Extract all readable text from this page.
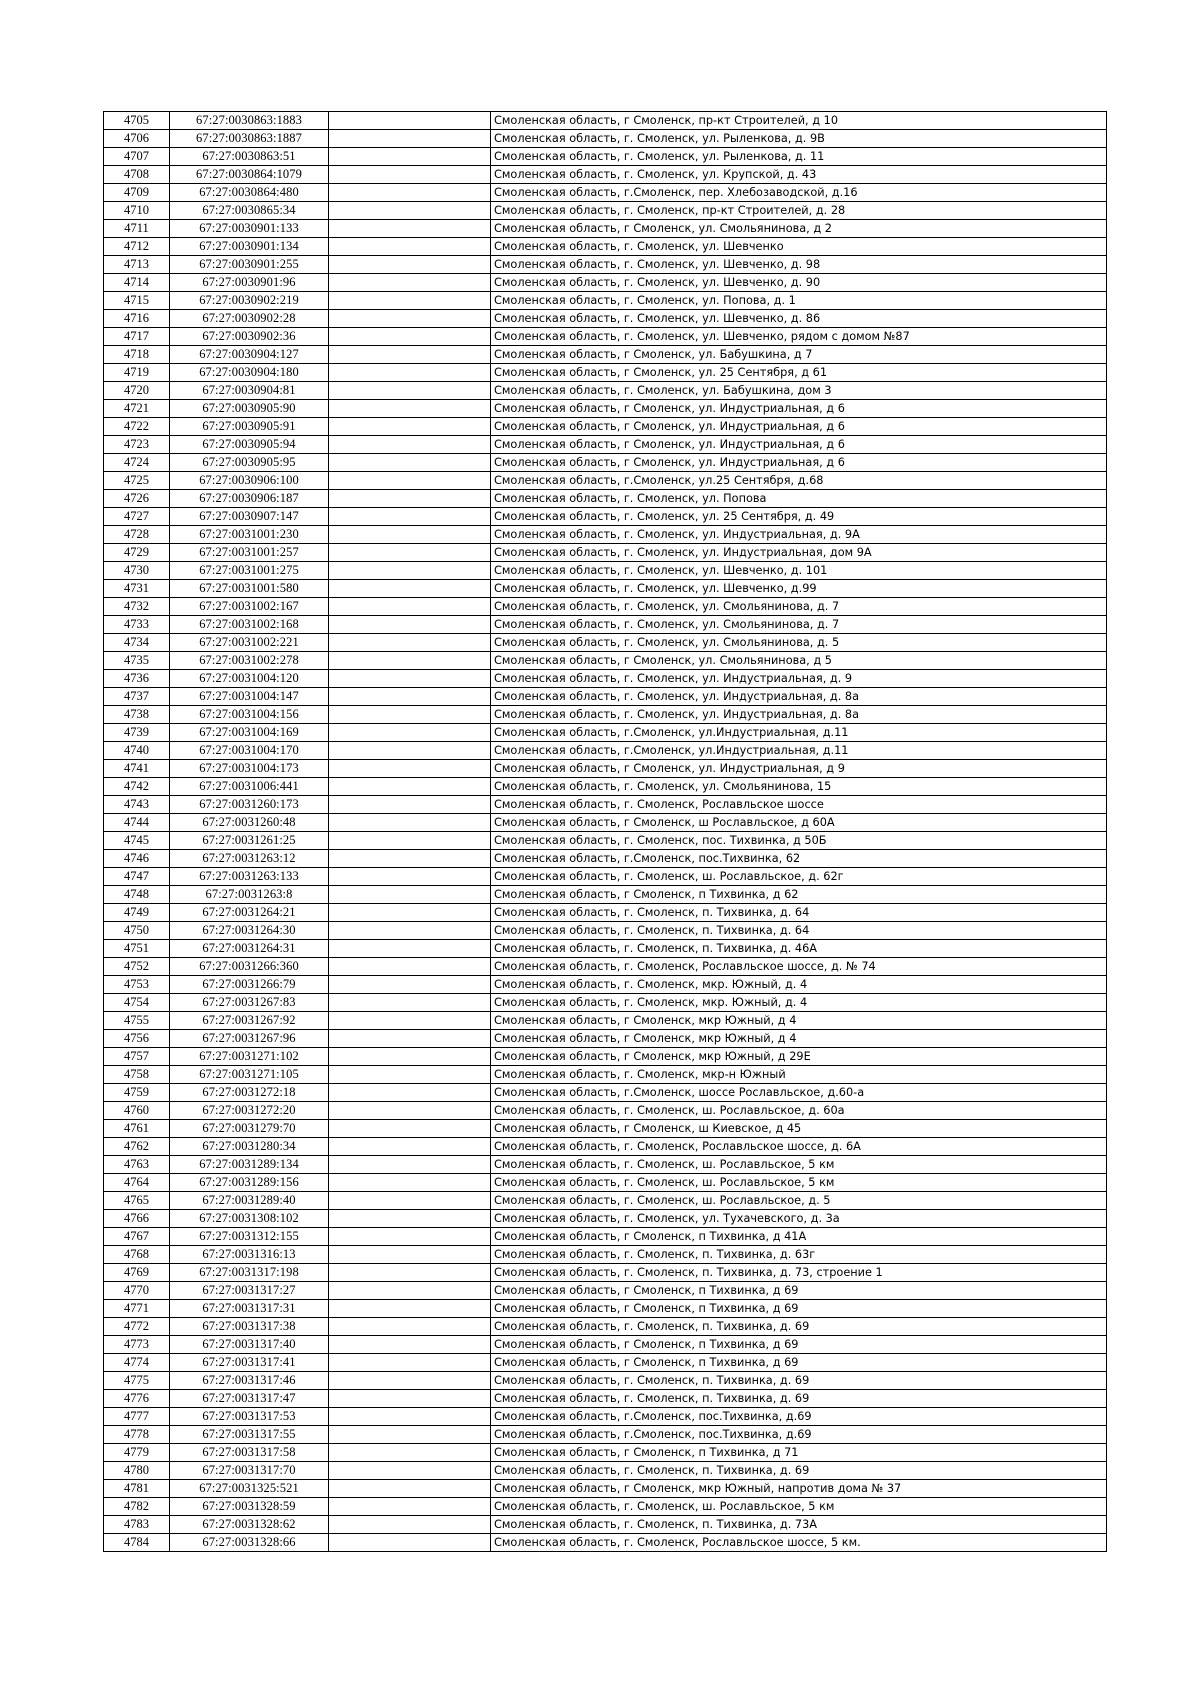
4705	67:27:0030863:1883		Смоленская область, г Смоленск, пр-кт Строителей, д 10
4706	67:27:0030863:1887		Смоленская область, г. Смоленск, ул. Рыленкова, д. 9В
4707	67:27:0030863:51		Смоленская область, г. Смоленск, ул. Рыленкова, д. 11
4708	67:27:0030864:1079		Смоленская область, г. Смоленск, ул. Крупской, д. 43
4709	67:27:0030864:480		Смоленская область, г.Смоленск, пер. Хлебозаводской, д.16
4710	67:27:0030865:34		Смоленская область, г. Смоленск, пр-кт Строителей, д. 28
4711	67:27:0030901:133		Смоленская область, г Смоленск, ул. Смольянинова, д 2
4712	67:27:0030901:134		Смоленская область, г. Смоленск, ул. Шевченко
4713	67:27:0030901:255		Смоленская область, г. Смоленск, ул. Шевченко, д. 98
4714	67:27:0030901:96		Смоленская область, г. Смоленск, ул. Шевченко, д. 90
4715	67:27:0030902:219		Смоленская область, г. Смоленск, ул. Попова, д. 1
4716	67:27:0030902:28		Смоленская область, г. Смоленск, ул. Шевченко, д. 86
4717	67:27:0030902:36		Смоленская область, г. Смоленск, ул. Шевченко, рядом с домом №87
4718	67:27:0030904:127		Смоленская область, г Смоленск, ул. Бабушкина, д 7
4719	67:27:0030904:180		Смоленская область, г Смоленск, ул. 25 Сентября, д 61
4720	67:27:0030904:81		Смоленская область, г. Смоленск, ул. Бабушкина, дом 3
4721	67:27:0030905:90		Смоленская область, г Смоленск, ул. Индустриальная, д 6
4722	67:27:0030905:91		Смоленская область, г Смоленск, ул. Индустриальная, д 6
4723	67:27:0030905:94		Смоленская область, г Смоленск, ул. Индустриальная, д 6
4724	67:27:0030905:95		Смоленская область, г Смоленск, ул. Индустриальная, д 6
4725	67:27:0030906:100		Смоленская область, г.Смоленск, ул.25 Сентября, д.68
4726	67:27:0030906:187		Смоленская область, г. Смоленск, ул. Попова
4727	67:27:0030907:147		Смоленская область, г. Смоленск, ул. 25 Сентября, д. 49
4728	67:27:0031001:230		Смоленская область, г. Смоленск, ул. Индустриальная, д. 9А
4729	67:27:0031001:257		Смоленская область, г. Смоленск, ул. Индустриальная, дом 9А
4730	67:27:0031001:275		Смоленская область, г. Смоленск, ул. Шевченко, д. 101
4731	67:27:0031001:580		Смоленская область, г. Смоленск, ул. Шевченко, д.99
4732	67:27:0031002:167		Смоленская область, г. Смоленск, ул. Смольянинова, д. 7
4733	67:27:0031002:168		Смоленская область, г. Смоленск, ул. Смольянинова, д. 7
4734	67:27:0031002:221		Смоленская область, г. Смоленск, ул. Смольянинова, д. 5
4735	67:27:0031002:278		Смоленская область, г Смоленск, ул. Смольянинова, д 5
4736	67:27:0031004:120		Смоленская область, г. Смоленск, ул. Индустриальная, д. 9
4737	67:27:0031004:147		Смоленская область, г. Смоленск, ул. Индустриальная, д. 8а
4738	67:27:0031004:156		Смоленская область, г. Смоленск, ул. Индустриальная, д. 8а
4739	67:27:0031004:169		Смоленская область, г.Смоленск, ул.Индустриальная, д.11
4740	67:27:0031004:170		Смоленская область, г.Смоленск, ул.Индустриальная, д.11
4741	67:27:0031004:173		Смоленская область, г Смоленск, ул. Индустриальная, д 9
4742	67:27:0031006:441		Смоленская область, г. Смоленск, ул. Смольянинова, 15
4743	67:27:0031260:173		Смоленская область, г. Смоленск, Рославльское шоссе
4744	67:27:0031260:48		Смоленская область, г Смоленск, ш Рославльское, д 60А
4745	67:27:0031261:25		Смоленская область, г. Смоленск, пос. Тихвинка, д 50Б
4746	67:27:0031263:12		Смоленская область, г.Смоленск, пос.Тихвинка, 62
4747	67:27:0031263:133		Смоленская область, г. Смоленск, ш. Рославльское, д. 62г
4748	67:27:0031263:8		Смоленская область, г Смоленск, п Тихвинка, д 62
4749	67:27:0031264:21		Смоленская область, г. Смоленск, п. Тихвинка, д. 64
4750	67:27:0031264:30		Смоленская область, г. Смоленск, п. Тихвинка, д. 64
4751	67:27:0031264:31		Смоленская область, г. Смоленск, п. Тихвинка, д. 46А
4752	67:27:0031266:360		Смоленская область, г. Смоленск, Рославльское шоссе, д. № 74
4753	67:27:0031266:79		Смоленская область, г. Смоленск, мкр. Южный, д. 4
4754	67:27:0031267:83		Смоленская область, г. Смоленск, мкр. Южный, д. 4
4755	67:27:0031267:92		Смоленская область, г Смоленск, мкр Южный, д 4
4756	67:27:0031267:96		Смоленская область, г Смоленск, мкр Южный, д 4
4757	67:27:0031271:102		Смоленская область, г Смоленск, мкр Южный, д 29Е
4758	67:27:0031271:105		Смоленская область, г. Смоленск, мкр-н Южный
4759	67:27:0031272:18		Смоленская область, г.Смоленск, шоссе Рославльское, д.60-а
4760	67:27:0031272:20		Смоленская область, г. Смоленск, ш. Рославльское, д. 60а
4761	67:27:0031279:70		Смоленская область, г Смоленск, ш Киевское, д 45
4762	67:27:0031280:34		Смоленская область, г. Смоленск, Рославльское шоссе, д. 6А
4763	67:27:0031289:134		Смоленская область, г. Смоленск, ш. Рославльское, 5 км
4764	67:27:0031289:156		Смоленская область, г. Смоленск, ш. Рославльское, 5 км
4765	67:27:0031289:40		Смоленская область, г. Смоленск, ш. Рославльское, д. 5
4766	67:27:0031308:102		Смоленская область, г. Смоленск, ул. Тухачевского, д. 3а
4767	67:27:0031312:155		Смоленская область, г Смоленск, п Тихвинка, д 41А
4768	67:27:0031316:13		Смоленская область, г. Смоленск, п. Тихвинка, д. 63г
4769	67:27:0031317:198		Смоленская область, г. Смоленск, п. Тихвинка, д. 73, строение 1
4770	67:27:0031317:27		Смоленская область, г Смоленск, п Тихвинка, д 69
4771	67:27:0031317:31		Смоленская область, г Смоленск, п Тихвинка, д 69
4772	67:27:0031317:38		Смоленская область, г. Смоленск, п. Тихвинка, д. 69
4773	67:27:0031317:40		Смоленская область, г Смоленск, п Тихвинка, д 69
4774	67:27:0031317:41		Смоленская область, г Смоленск, п Тихвинка, д 69
4775	67:27:0031317:46		Смоленская область, г. Смоленск, п. Тихвинка, д. 69
4776	67:27:0031317:47		Смоленская область, г. Смоленск, п. Тихвинка, д. 69
4777	67:27:0031317:53		Смоленская область, г.Смоленск, пос.Тихвинка, д.69
4778	67:27:0031317:55		Смоленская область, г.Смоленск, пос.Тихвинка, д.69
4779	67:27:0031317:58		Смоленская область, г Смоленск, п Тихвинка, д 71
4780	67:27:0031317:70		Смоленская область, г. Смоленск, п. Тихвинка, д. 69
4781	67:27:0031325:521		Смоленская область, г Смоленск, мкр Южный, напротив дома № 37
4782	67:27:0031328:59		Смоленская область, г. Смоленск, ш. Рославльское, 5 км
4783	67:27:0031328:62		Смоленская область, г. Смоленск, п. Тихвинка, д. 73А
4784	67:27:0031328:66		Смоленская область, г. Смоленск, Рославльское шоссе, 5 км.
